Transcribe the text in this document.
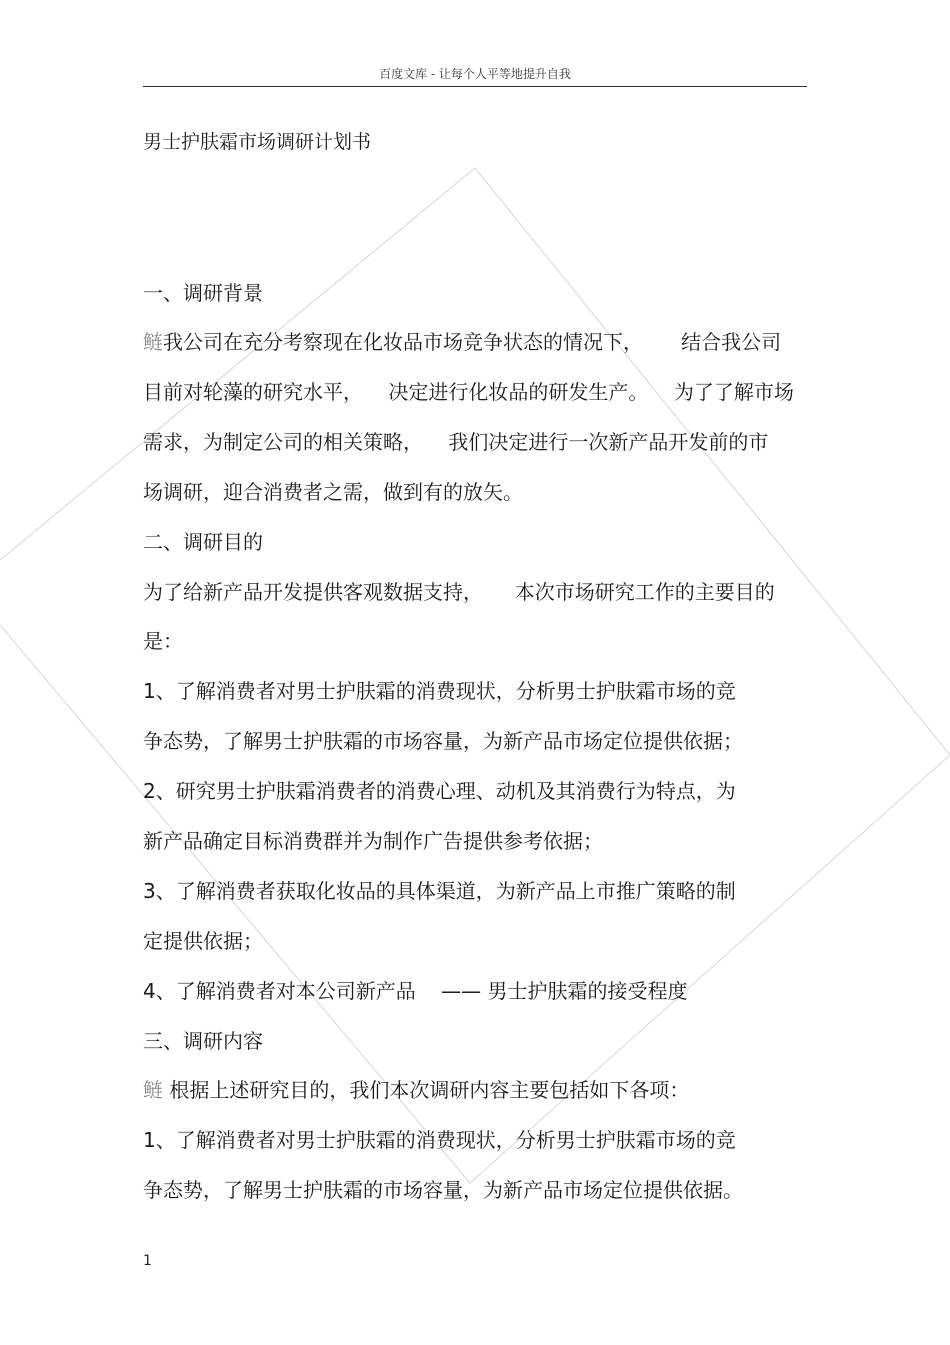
百度文库 - 让每个人平等地提升自我
男士护肤霜市场调研计划书
一、调研背景
鲢我公司在充分考察现在化妆品市场竞争状态的情况下，      结合我公司
目前对轮藻的研究水平，    决定进行化妆品的研发生产。    为了了解市场
需求，为制定公司的相关策略，    我们决定进行一次新产品开发前的市
场调研，迎合消费者之需，做到有的放矢。
二、调研目的
为了给新产品开发提供客观数据支持，     本次市场研究工作的主要目的
是：
1、了解消费者对男士护肤霜的消费现状，分析男士护肤霜市场的竞
争态势，了解男士护肤霜的市场容量，为新产品市场定位提供依据；
2、研究男士护肤霜消费者的消费心理、动机及其消费行为特点，为
新产品确定目标消费群并为制作广告提供参考依据；
3、了解消费者获取化妆品的具体渠道，为新产品上市推广策略的制
定提供依据；
4、了解消费者对本公司新产品    —— 男士护肤霜的接受程度
三、调研内容
鲢 根据上述研究目的，我们本次调研内容主要包括如下各项：
1、了解消费者对男士护肤霜的消费现状，分析男士护肤霜市场的竞
争态势，了解男士护肤霜的市场容量，为新产品市场定位提供依据。
1
